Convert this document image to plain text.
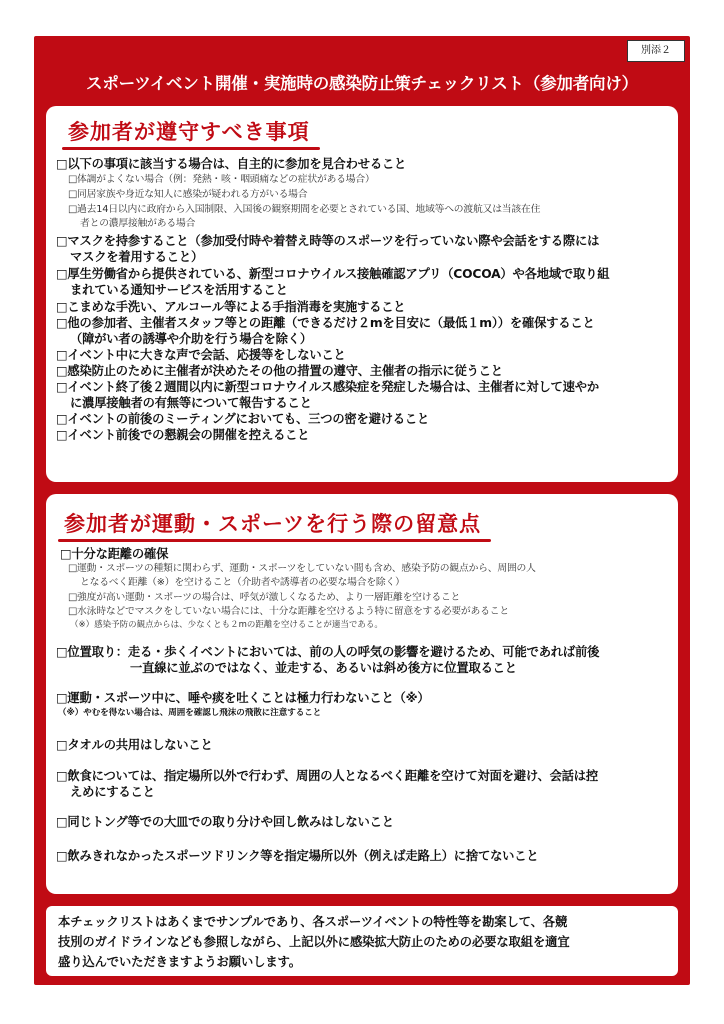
別添２
スポーツイベント開催・実施時の感染防止策チェックリスト（参加者向け）
参加者が遵守すべき事項
□以下の事項に該当する場合は、自主的に参加を見合わせること
□体調がよくない場合（例：発熱・咳・咽頭痛などの症状がある場合）
□同居家族や身近な知人に感染が疑われる方がいる場合
□過去14日以内に政府から入国制限、入国後の観察期間を必要とされている国、地域等への渡航又は当該在住
者との濃厚接触がある場合
□マスクを持参すること（参加受付時や着替え時等のスポーツを行っていない際や会話をする際には
マスクを着用すること）
□厚生労働省から提供されている、新型コロナウイルス接触確認アプリ（COCOA）や各地域で取り組
まれている通知サービスを活用すること
□こまめな手洗い、アルコール等による手指消毒を実施すること
□他の参加者、主催者スタッフ等との距離（できるだけ２mを目安に（最低１m））を確保すること
（障がい者の誘導や介助を行う場合を除く）
□イベント中に大きな声で会話、応援等をしないこと
□感染防止のために主催者が決めたその他の措置の遵守、主催者の指示に従うこと
□イベント終了後２週間以内に新型コロナウイルス感染症を発症した場合は、主催者に対して速やか
に濃厚接触者の有無等について報告すること
□イベントの前後のミーティングにおいても、三つの密を避けること
□イベント前後での懇親会の開催を控えること
参加者が運動・スポーツを行う際の留意点
□十分な距離の確保
□運動・スポーツの種類に関わらず、運動・スポーツをしていない間も含め、感染予防の観点から、周囲の人
となるべく距離（※）を空けること（介助者や誘導者の必要な場合を除く）
□強度が高い運動・スポーツの場合は、呼気が激しくなるため、より一層距離を空けること
□水泳時などでマスクをしていない場合には、十分な距離を空けるよう特に留意をする必要があること
（※）感染予防の観点からは、少なくとも２mの距離を空けることが適当である。
□位置取り：走る・歩くイベントにおいては、前の人の呼気の影響を避けるため、可能であれば前後
一直線に並ぶのではなく、並走する、あるいは斜め後方に位置取ること
□運動・スポーツ中に、唾や痰を吐くことは極力行わないこと（※）
（※）やむを得ない場合は、周囲を確認し飛沫の飛散に注意すること
□タオルの共用はしないこと
□飲食については、指定場所以外で行わず、周囲の人となるべく距離を空けて対面を避け、会話は控
えめにすること
□同じトング等での大皿での取り分けや回し飲みはしないこと
□飲みきれなかったスポーツドリンク等を指定場所以外（例えば走路上）に捨てないこと
本チェックリストはあくまでサンプルであり、各スポーツイベントの特性等を勘案して、各競
技別のガイドラインなども参照しながら、上記以外に感染拡大防止のための必要な取組を適宜
盛り込んでいただきますようお願いします。
